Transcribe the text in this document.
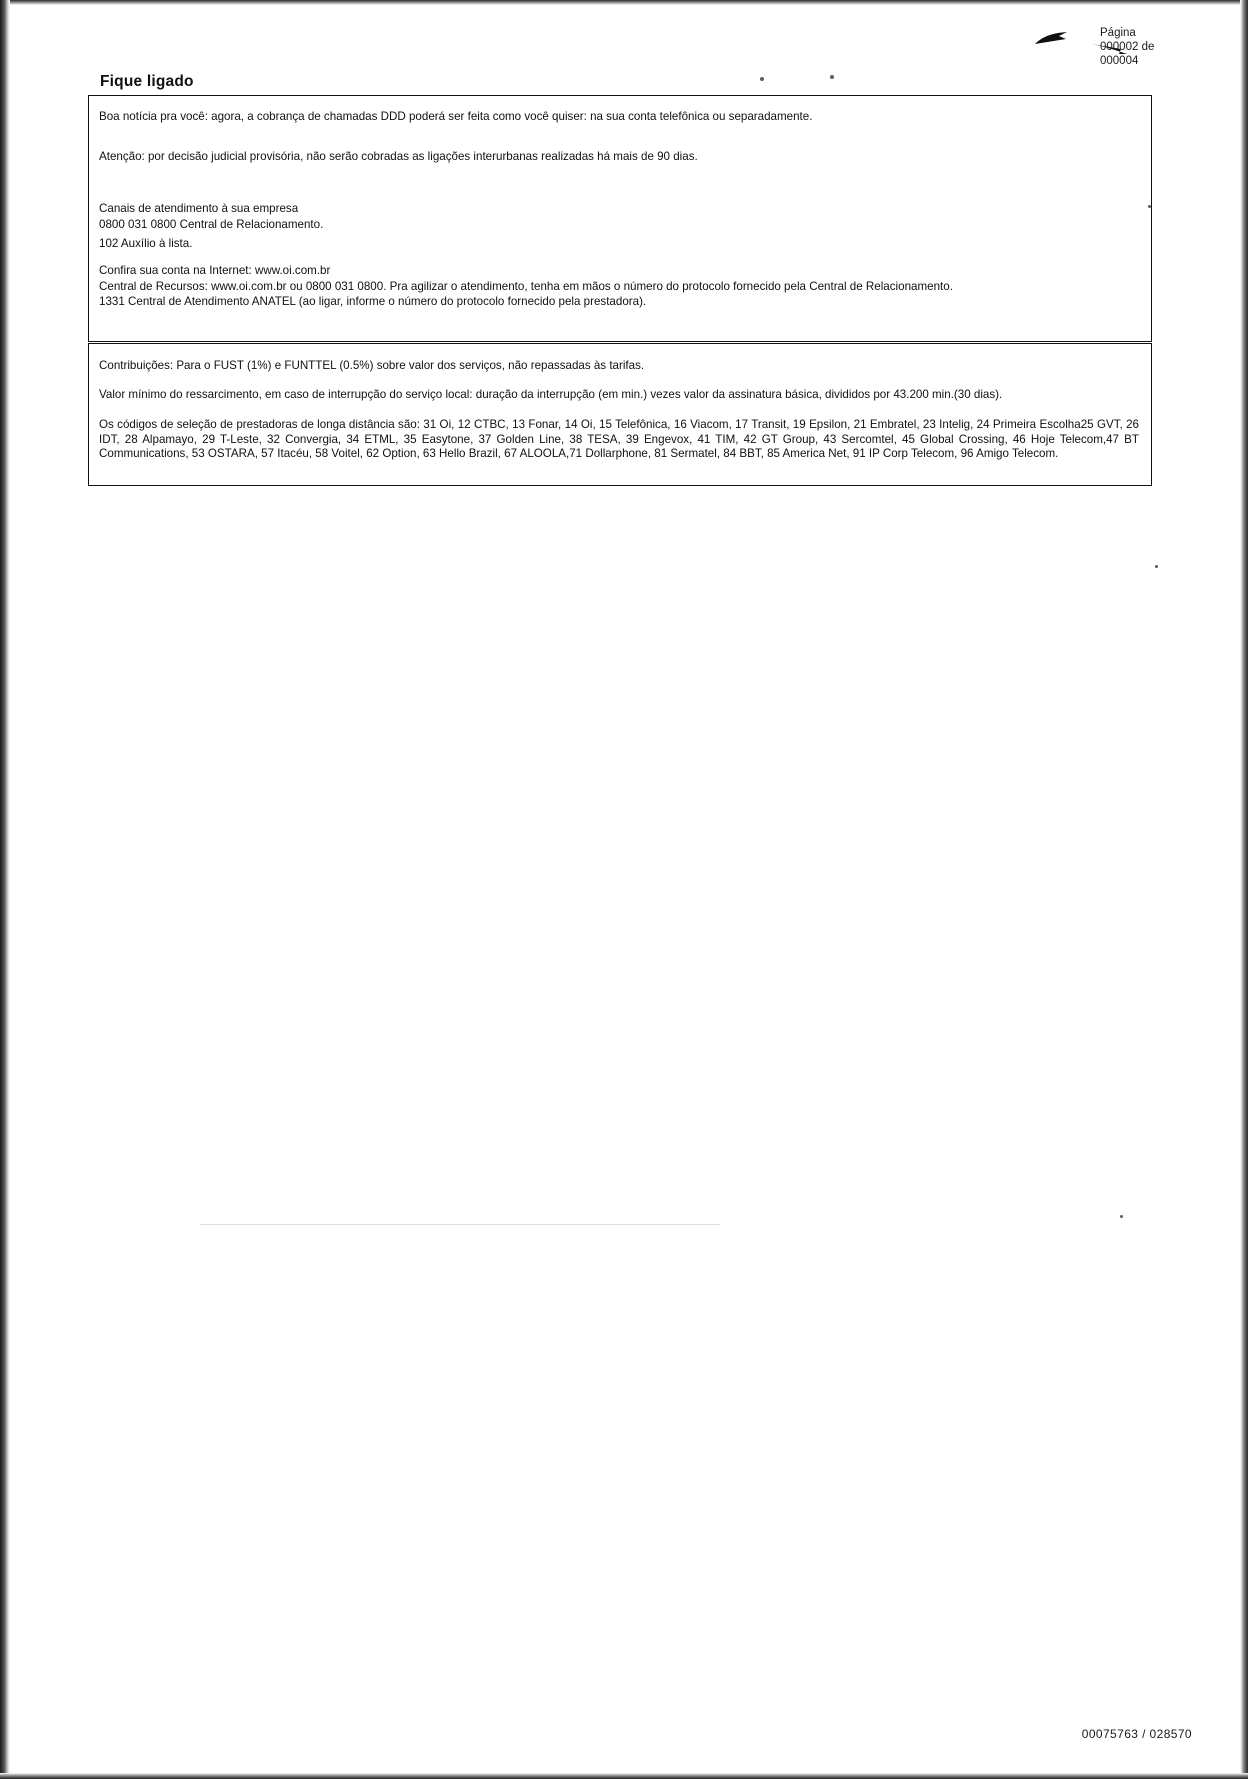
Página
000002 de
000004
Fique ligado
Boa notícia pra você: agora, a cobrança de chamadas DDD poderá ser feita como você quiser: na sua conta telefônica ou separadamente.
Atenção: por decisão judicial provisória, não serão cobradas as ligações interurbanas realizadas há mais de 90 dias.
Canais de atendimento à sua empresa
0800 031 0800 Central de Relacionamento.
102 Auxílio à lista.
Confira sua conta na Internet: www.oi.com.br
Central de Recursos: www.oi.com.br ou 0800 031 0800. Pra agilizar o atendimento, tenha em mãos o número do protocolo fornecido pela Central de Relacionamento.
1331 Central de Atendimento ANATEL (ao ligar, informe o número do protocolo fornecido pela prestadora).
Contribuições: Para o FUST (1%) e FUNTTEL (0.5%) sobre valor dos serviços, não repassadas às tarifas.
Valor mínimo do ressarcimento, em caso de interrupção do serviço local: duração da interrupção (em min.) vezes valor da assinatura básica, divididos por 43.200 min.(30 dias).
Os códigos de seleção de prestadoras de longa distância são: 31 Oi, 12 CTBC, 13 Fonar, 14 Oi, 15 Telefônica, 16 Viacom, 17 Transit, 19 Epsilon, 21 Embratel, 23 Intelig, 24 Primeira Escolha25 GVT, 26 IDT, 28 Alpamayo, 29 T-Leste, 32 Convergia, 34 ETML, 35 Easytone, 37 Golden Line, 38 TESA, 39 Engevox, 41 TIM, 42 GT Group, 43 Sercomtel, 45 Global Crossing, 46 Hoje Telecom,47 BT Communications, 53 OSTARA, 57 Itacéu, 58 Voitel, 62 Option, 63 Hello Brazil, 67 ALOOLA,71 Dollarphone, 81 Sermatel, 84 BBT, 85 America Net, 91 IP Corp Telecom, 96 Amigo Telecom.
00075763 / 028570
